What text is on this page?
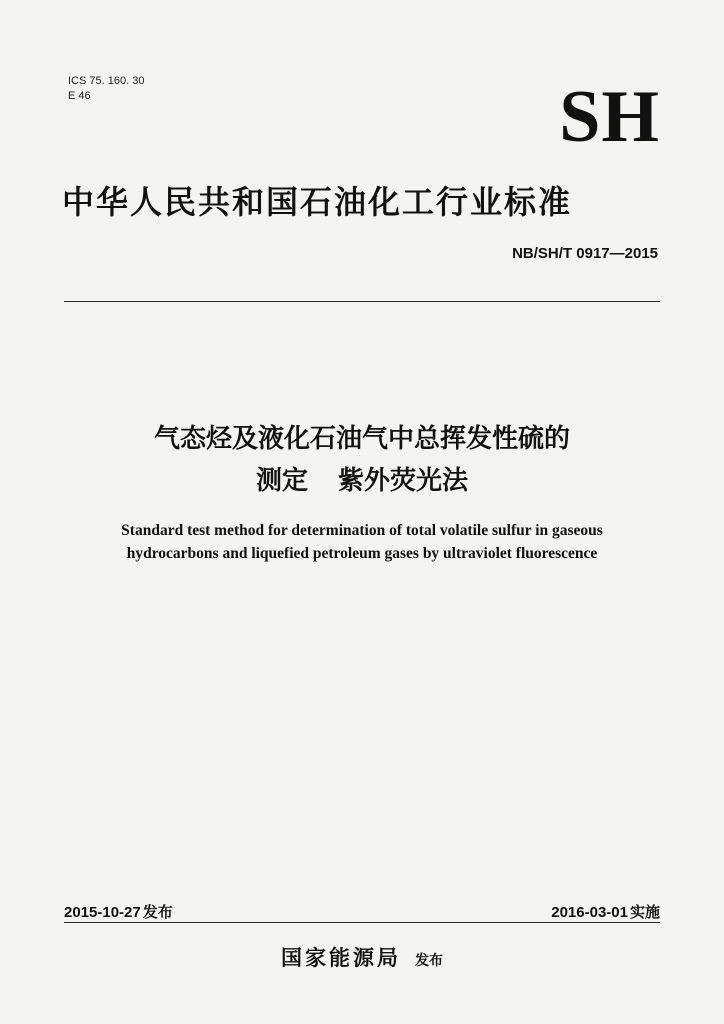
ICS 75. 160. 30
E 46	SH
中华人民共和国石油化工行业标准
NB/SH/T 0917—2015
气态烃及液化石油气中总挥发性硫的
测定 紫外荧光法
Standard test method for determination of total volatile sulfur in gaseous
hydrocarbons and liquefied petroleum gases by ultraviolet fluorescence
2015-10-27 发布	2016-03-01 实施
国家能源局 发布
